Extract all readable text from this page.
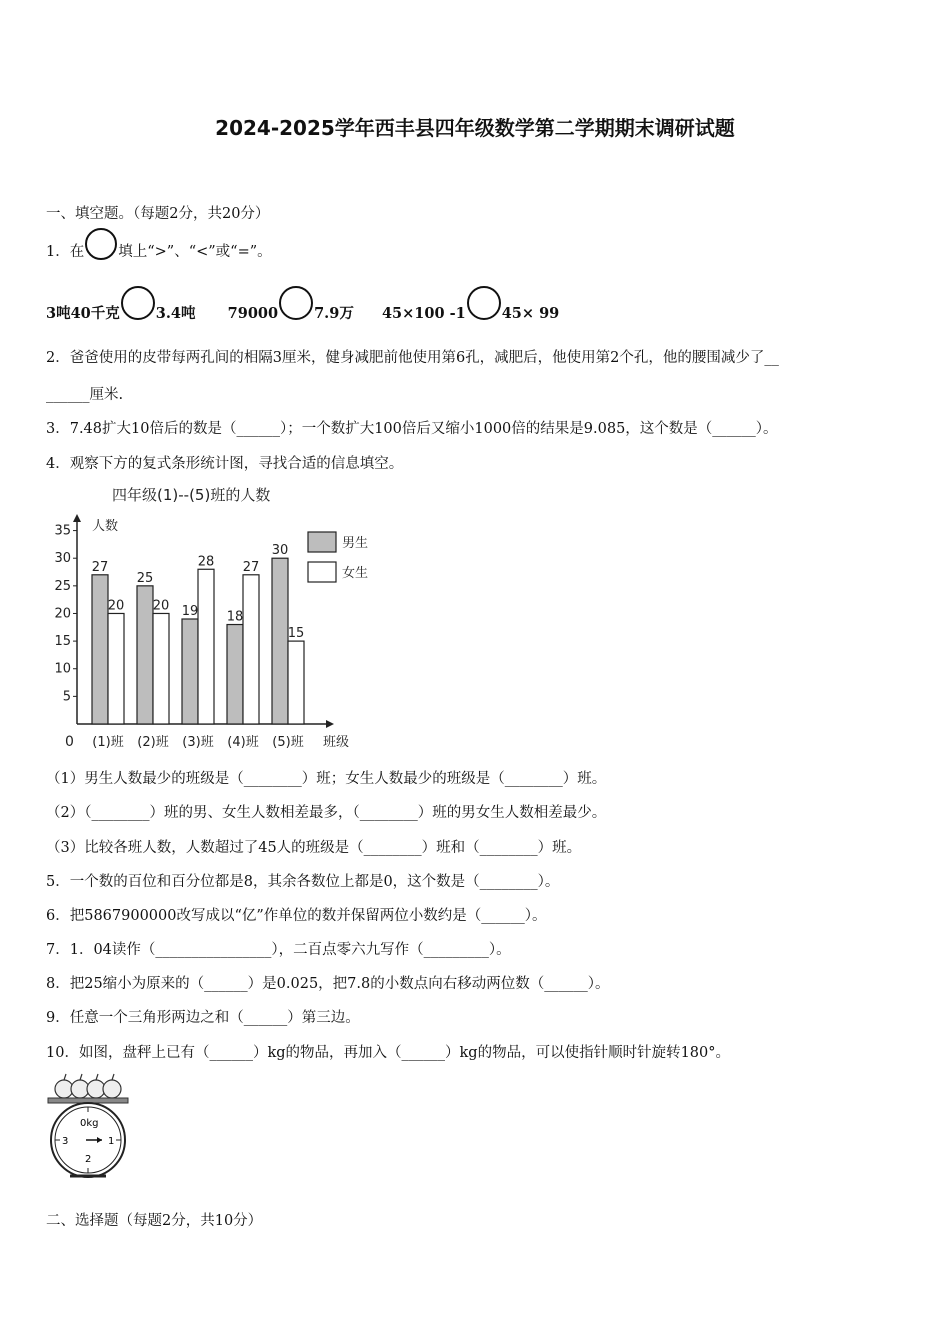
2024-2025学年西丰县四年级数学第二学期期末调研试题
一、填空题。（每题2分，共20分）
1．在 填上“>”、“<”或“=”。
3吨40千克 3.4吨 79000 7.9万 45×100 -1 45× 99
2．爸爸使用的皮带每两孔间的相隔3厘米，健身减肥前他使用第6孔，减肥后，他使用第2个孔，他的腰围减少了__
______厘米.
3．7.48扩大10倍后的数是（______）；一个数扩大100倍后又缩小1000倍的结果是9.085，这个数是（______）。
4．观察下方的复式条形统计图，寻找合适的信息填空。
四年级(1)--(5)班的人数
人数
班级
0
5
10
15
20
25
30
35
27
20
(1)班
25
20
(2)班
19
28
(3)班
18
27
(4)班
30
15
(5)班
男生
女生
（1）男生人数最少的班级是（________）班；女生人数最少的班级是（________）班。
（2）（________）班的男、女生人数相差最多，（________）班的男女生人数相差最少。
（3）比较各班人数，人数超过了45人的班级是（________）班和（________）班。
5．一个数的百位和百分位都是8，其余各数位上都是0，这个数是（________）。
6．把5867900000改写成以“亿”作单位的数并保留两位小数约是（______）。
7．1．04读作（________________），二百点零六九写作（_________）。
8．把25缩小为原来的（______）是0.025，把7.8的小数点向右移动两位数（______）。
9．任意一个三角形两边之和（______）第三边。
10．如图，盘秤上已有（______）kg的物品，再加入（______）kg的物品，可以使指针顺时针旋转180°。
0kg
3	1
2
二、选择题（每题2分，共10分）
